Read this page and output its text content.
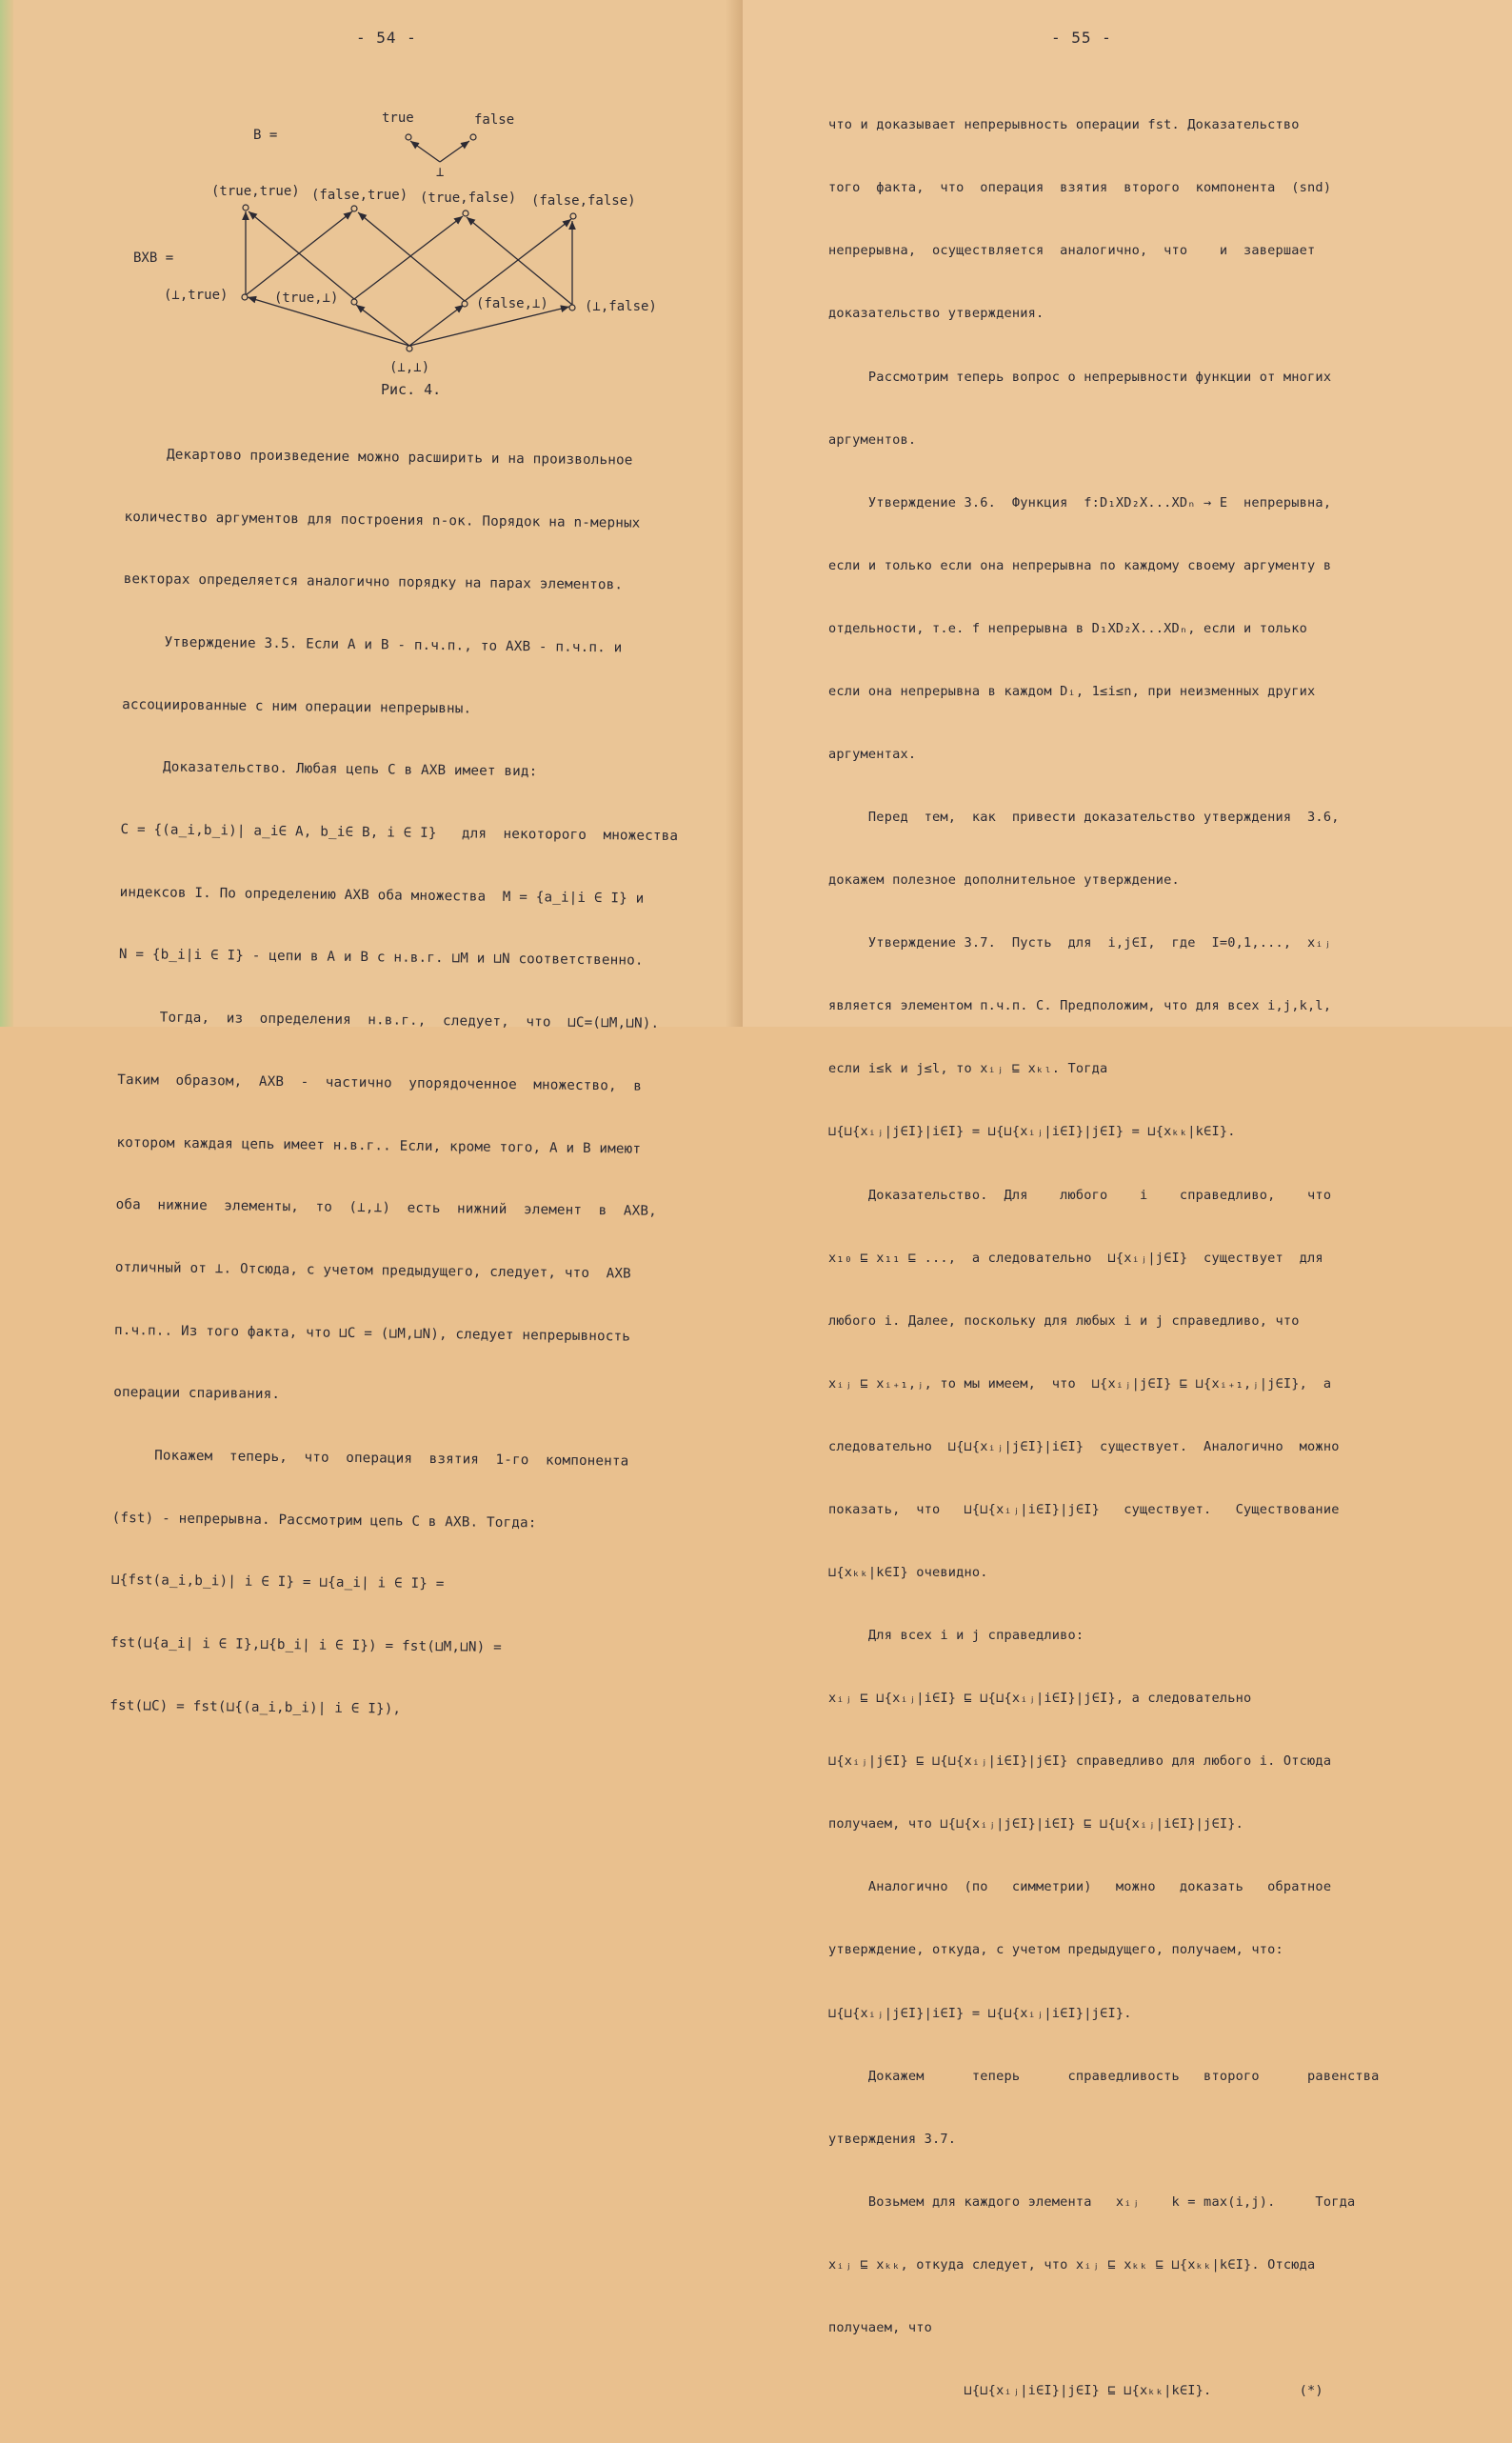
- 54 -
B =
true	false
⊥
(true,true) (false,true) (true,false) (false,false)
BXB =
(⊥,true)	(true,⊥)	(false,⊥)	(⊥,false)
(⊥,⊥)
Рис. 4.

Декартово произведение можно расширить и на произвольное

количество аргументов для построения n-ок. Порядок на n-мерных

векторах определяется аналогично порядку на парах элементов.

Утверждение 3.5. Если A и B - п.ч.п., то AXB - п.ч.п. и

ассоциированные с ним операции непрерывны.

Доказательство. Любая цепь C в AXB имеет вид:

C = {(a_i,b_i)| a_i∈ A, b_i∈ B, i ∈ I}   для  некоторого  множества

индексов I. По определению AXB оба множества  M = {a_i|i ∈ I} и

N = {b_i|i ∈ I} - цепи в A и B с н.в.г. ⊔M и ⊔N соответственно.

Тогда,  из  определения  н.в.г.,  следует,  что  ⊔C=(⊔M,⊔N).

Таким  образом,  AXB  -  частично  упорядоченное  множество,  в

котором каждая цепь имеет н.в.г.. Если, кроме того, A и B имеют

оба  нижние  элементы,  то  (⊥,⊥)  есть  нижний  элемент  в  AXB,

отличный от ⊥. Отсюда, с учетом предыдущего, следует, что  AXB

п.ч.п.. Из того факта, что ⊔C = (⊔M,⊔N), следует непрерывность

операции спаривания.

Покажем  теперь,  что  операция  взятия  1-го  компонента

(fst) - непрерывна. Рассмотрим цепь C в AXB. Тогда:

⊔{fst(a_i,b_i)| i ∈ I} = ⊔{a_i| i ∈ I} =

fst(⊔{a_i| i ∈ I},⊔{b_i| i ∈ I}) = fst(⊔M,⊔N) =

fst(⊔C) = fst(⊔{(a_i,b_i)| i ∈ I}),

- 55 -

что и доказывает непрерывность операции fst. Доказательство

того  факта,  что  операция  взятия  второго  компонента  (snd)

непрерывна,  осуществляется  аналогично,  что    и  завершает

доказательство утверждения.

Рассмотрим теперь вопрос о непрерывности функции от многих

аргументов.

Утверждение 3.6.  Функция  f:D₁XD₂X...XDₙ → E  непрерывна,

если и только если она непрерывна по каждому своему аргументу в

отдельности, т.е. f непрерывна в D₁XD₂X...XDₙ, если и только

если она непрерывна в каждом Dᵢ, 1≤i≤n, при неизменных других

аргументах.

Перед  тем,  как  привести доказательство утверждения  3.6,

докажем полезное дополнительное утверждение.

Утверждение 3.7.  Пусть  для  i,j∈I,  где  I=0,1,...,  xᵢⱼ

является элементом п.ч.п. C. Предположим, что для всех i,j,k,l,

если i≤k и j≤l, то xᵢⱼ ⊑ xₖₗ. Тогда

⊔{⊔{xᵢⱼ|j∈I}|i∈I} = ⊔{⊔{xᵢⱼ|i∈I}|j∈I} = ⊔{xₖₖ|k∈I}.

Доказательство.  Для    любого    i    справедливо,    что

x₁₀ ⊑ x₁₁ ⊑ ...,  а следовательно  ⊔{xᵢⱼ|j∈I}  существует  для

любого i. Далее, поскольку для любых i и j справедливо, что

xᵢⱼ ⊑ xᵢ₊₁,ⱼ, то мы имеем,  что  ⊔{xᵢⱼ|j∈I} ⊑ ⊔{xᵢ₊₁,ⱼ|j∈I},  а

следовательно  ⊔{⊔{xᵢⱼ|j∈I}|i∈I}  существует.  Аналогично  можно

показать,  что   ⊔{⊔{xᵢⱼ|i∈I}|j∈I}   существует.   Существование

⊔{xₖₖ|k∈I} очевидно.

Для всех i и j справедливо:

xᵢⱼ ⊑ ⊔{xᵢⱼ|i∈I} ⊑ ⊔{⊔{xᵢⱼ|i∈I}|j∈I}, а следовательно

⊔{xᵢⱼ|j∈I} ⊑ ⊔{⊔{xᵢⱼ|i∈I}|j∈I} справедливо для любого i. Отсюда

получаем, что ⊔{⊔{xᵢⱼ|j∈I}|i∈I} ⊑ ⊔{⊔{xᵢⱼ|i∈I}|j∈I}.

Аналогично  (по   симметрии)   можно   доказать   обратное

утверждение, откуда, с учетом предыдущего, получаем, что:

⊔{⊔{xᵢⱼ|j∈I}|i∈I} = ⊔{⊔{xᵢⱼ|i∈I}|j∈I}.

Докажем      теперь      справедливость   второго      равенства

утверждения 3.7.

Возьмем для каждого элемента   xᵢⱼ    k = max(i,j).     Тогда

xᵢⱼ ⊑ xₖₖ, откуда следует, что xᵢⱼ ⊑ xₖₖ ⊑ ⊔{xₖₖ|k∈I}. Отсюда

получаем, что

⊔{⊔{xᵢⱼ|i∈I}|j∈I} ⊑ ⊔{xₖₖ|k∈I}.           (*)
